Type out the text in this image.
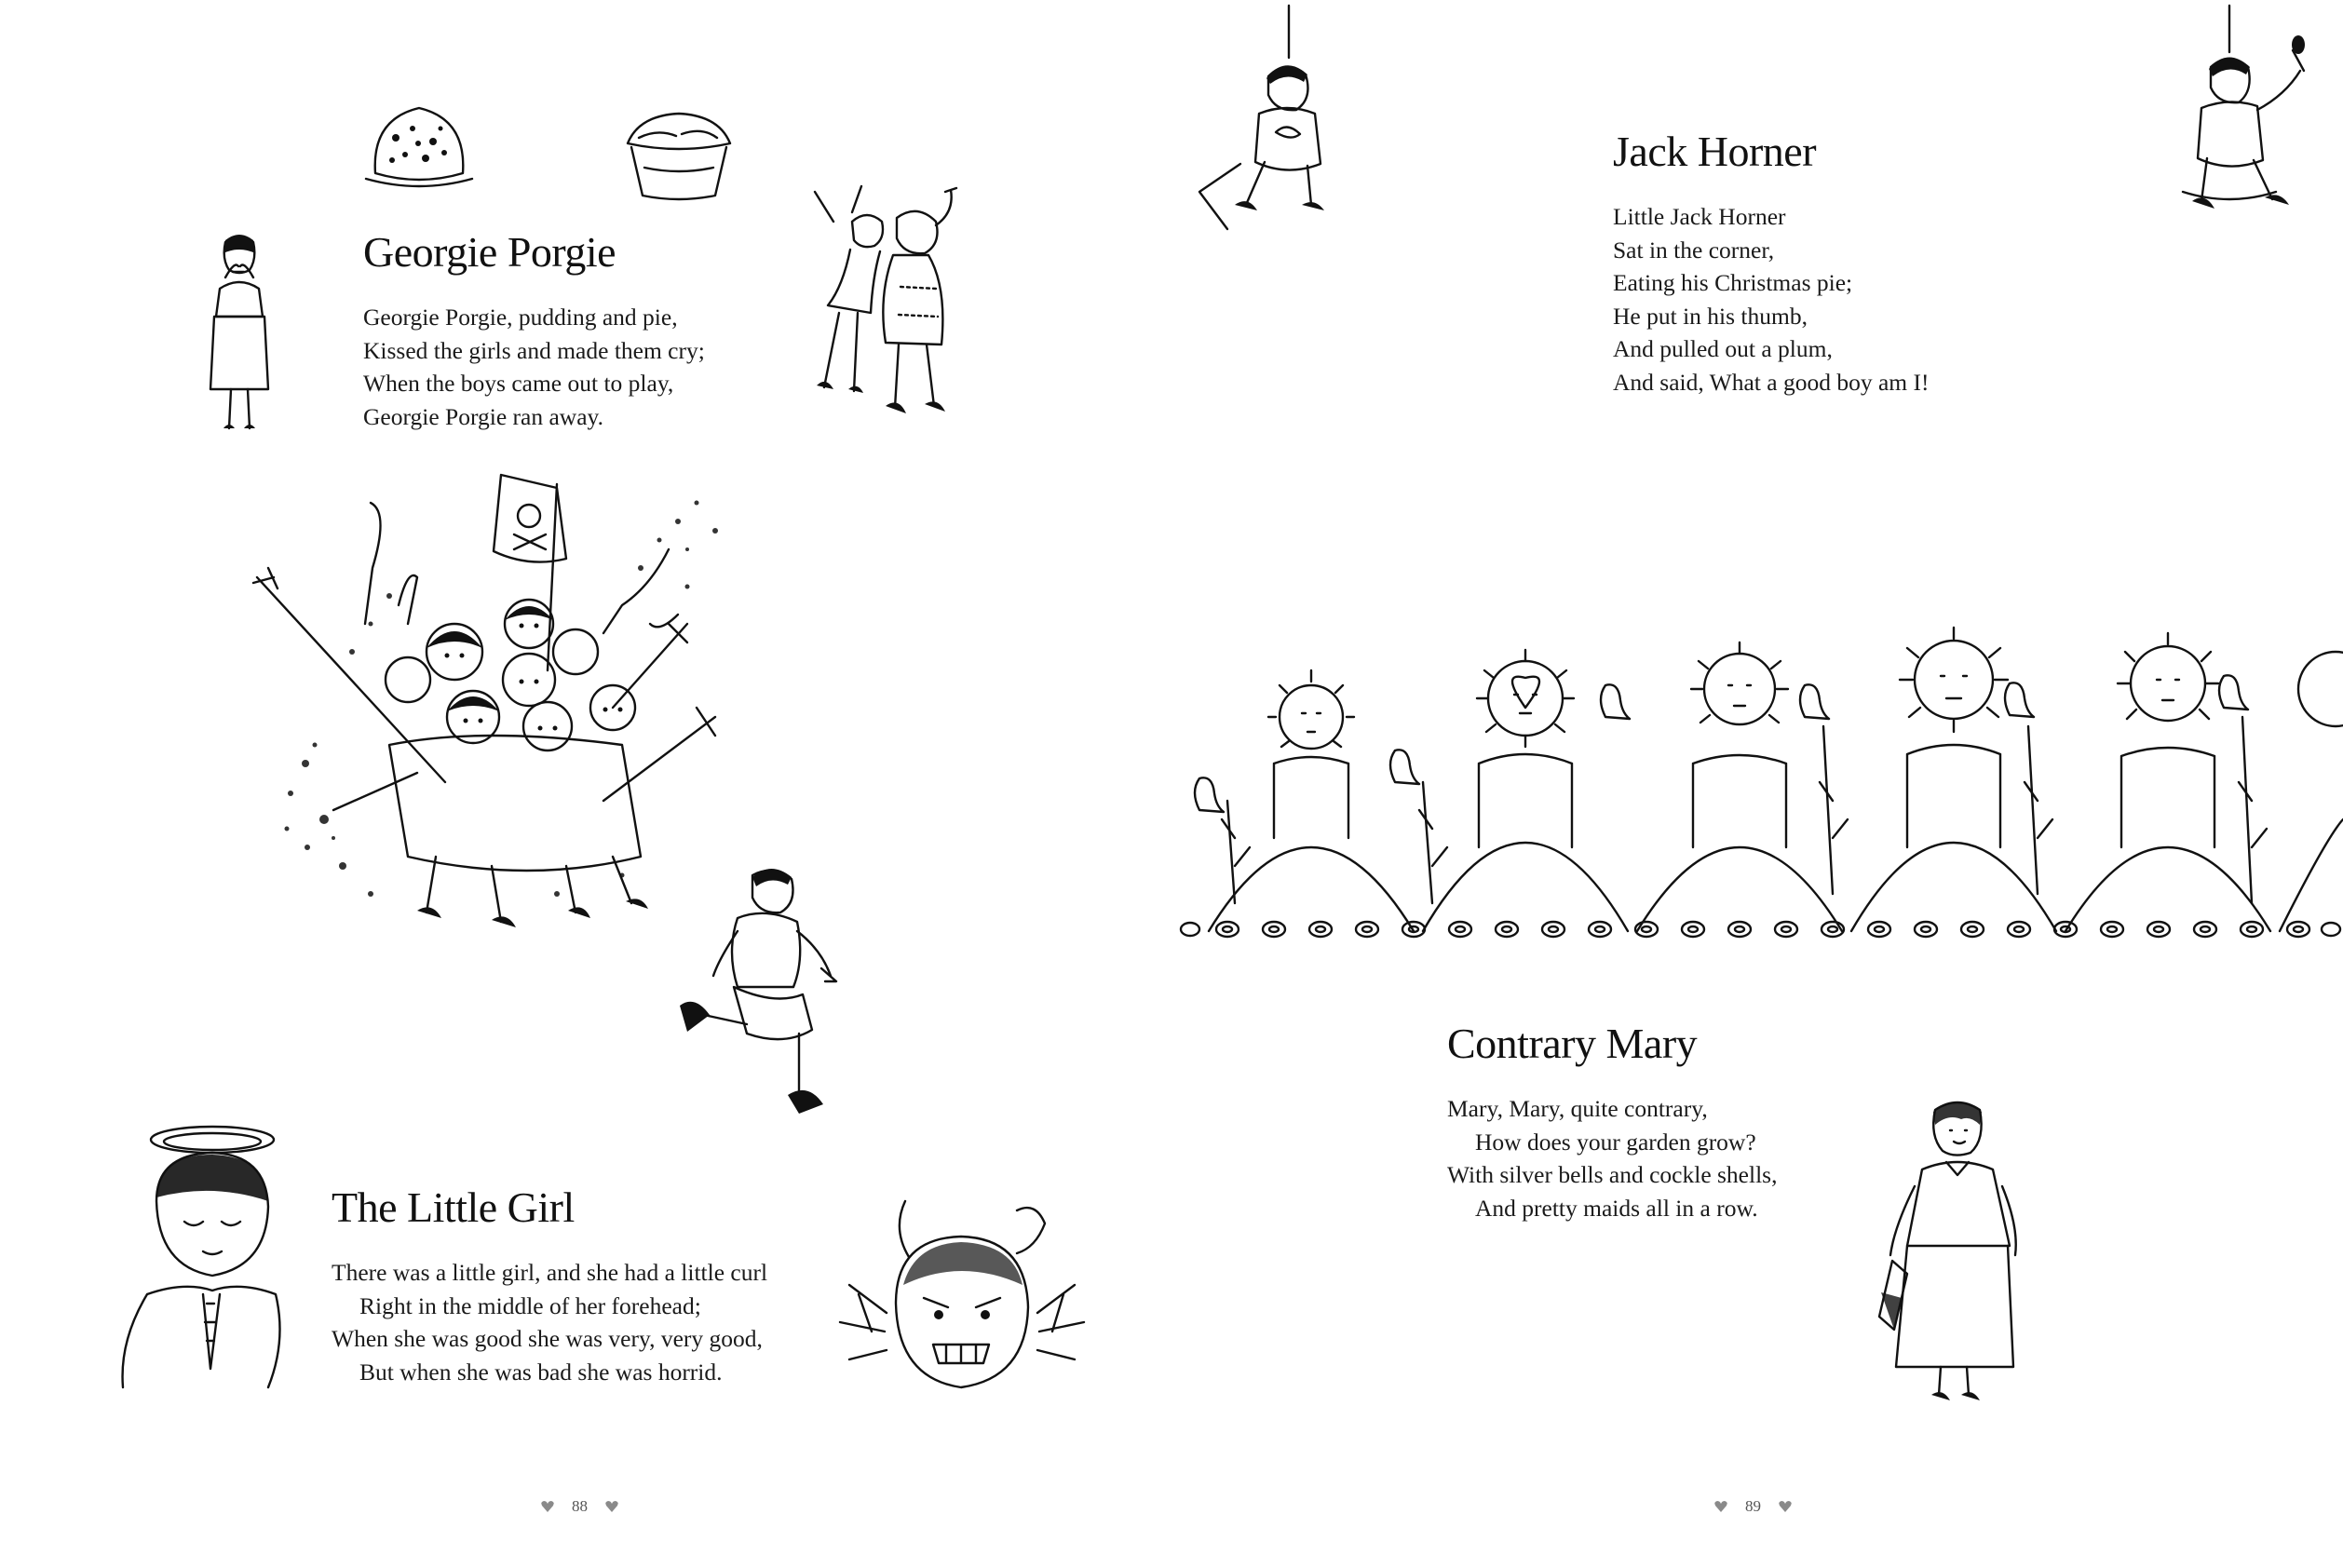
Georgie Porgie
Georgie Porgie, pudding and pie,
Kissed the girls and made them cry;
When the boys came out to play,
Georgie Porgie ran away.
The Little Girl
There was a little girl, and she had a little curl
Right in the middle of her forehead;
When she was good she was very, very good,
But when she was bad she was horrid.
88
Jack Horner
Little Jack Horner
Sat in the corner,
Eating his Christmas pie;
He put in his thumb,
And pulled out a plum,
And said, What a good boy am I!
Contrary Mary
Mary, Mary, quite contrary,
How does your garden grow?
With silver bells and cockle shells,
And pretty maids all in a row.
89
